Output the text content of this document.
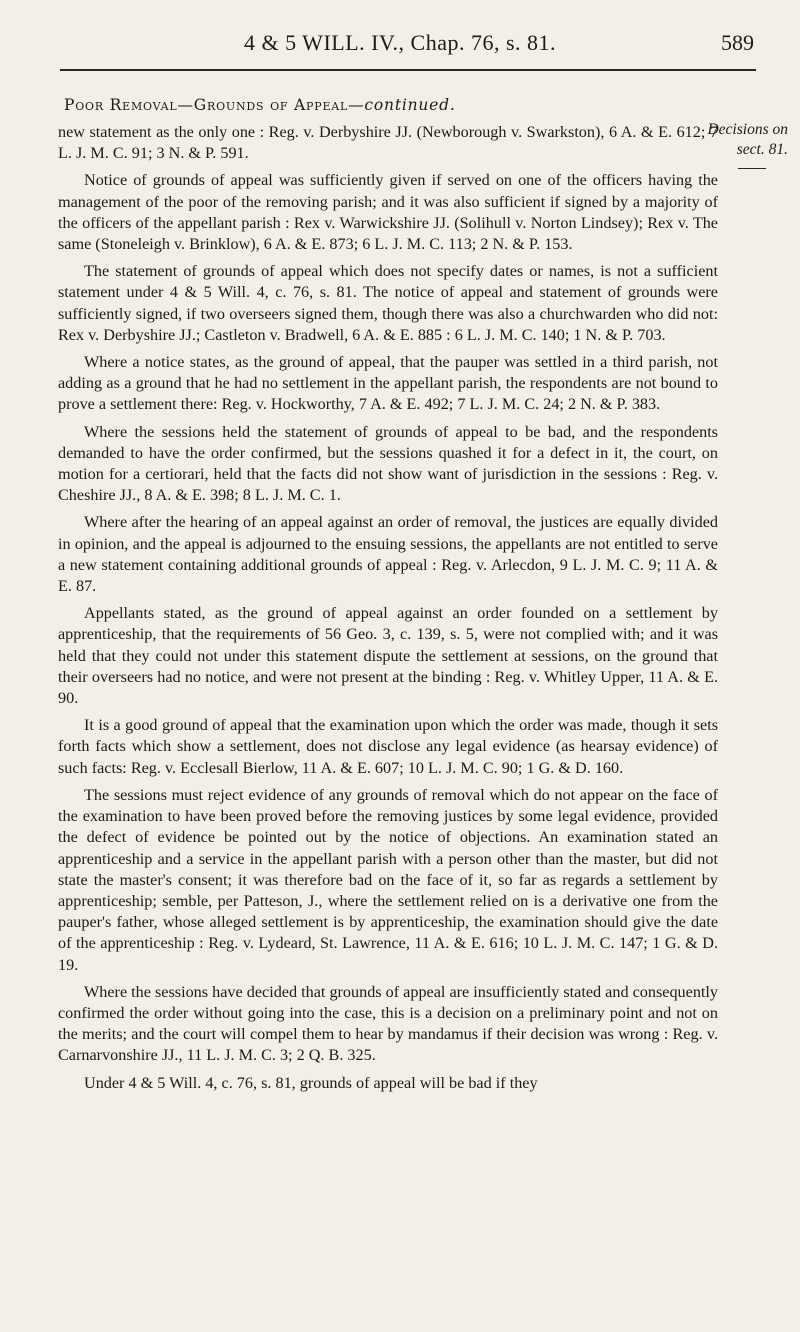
4 & 5 WILL. IV., Chap. 76, s. 81.	589
Poor Removal—Grounds of Appeal—continued.
Decisions on
sect. 81.

new statement as the only one : Reg. v. Derbyshire JJ. (Newborough v. Swarkston), 6 A. & E. 612; 7 L. J. M. C. 91; 3 N. & P. 591.

Notice of grounds of appeal was sufficiently given if served on one of the officers having the management of the poor of the removing parish; and it was also sufficient if signed by a majority of the officers of the appellant parish : Rex v. Warwickshire JJ. (Solihull v. Norton Lindsey); Rex v. The same (Stoneleigh v. Brinklow), 6 A. & E. 873; 6 L. J. M. C. 113; 2 N. & P. 153.

The statement of grounds of appeal which does not specify dates or names, is not a sufficient statement under 4 & 5 Will. 4, c. 76, s. 81. The notice of appeal and statement of grounds were sufficiently signed, if two overseers signed them, though there was also a churchwarden who did not: Rex v. Derbyshire JJ.; Castleton v. Bradwell, 6 A. & E. 885 : 6 L. J. M. C. 140; 1 N. & P. 703.

Where a notice states, as the ground of appeal, that the pauper was settled in a third parish, not adding as a ground that he had no settlement in the appellant parish, the respondents are not bound to prove a settlement there: Reg. v. Hockworthy, 7 A. & E. 492; 7 L. J. M. C. 24; 2 N. & P. 383.

Where the sessions held the statement of grounds of appeal to be bad, and the respondents demanded to have the order confirmed, but the sessions quashed it for a defect in it, the court, on motion for a certiorari, held that the facts did not show want of jurisdiction in the sessions : Reg. v. Cheshire JJ., 8 A. & E. 398; 8 L. J. M. C. 1.

Where after the hearing of an appeal against an order of removal, the justices are equally divided in opinion, and the appeal is adjourned to the ensuing sessions, the appellants are not entitled to serve a new statement containing additional grounds of appeal : Reg. v. Arlecdon, 9 L. J. M. C. 9; 11 A. & E. 87.

Appellants stated, as the ground of appeal against an order founded on a settlement by apprenticeship, that the requirements of 56 Geo. 3, c. 139, s. 5, were not complied with; and it was held that they could not under this statement dispute the settlement at sessions, on the ground that their overseers had no notice, and were not present at the binding : Reg. v. Whitley Upper, 11 A. & E. 90.

It is a good ground of appeal that the examination upon which the order was made, though it sets forth facts which show a settlement, does not disclose any legal evidence (as hearsay evidence) of such facts: Reg. v. Ecclesall Bierlow, 11 A. & E. 607; 10 L. J. M. C. 90; 1 G. & D. 160.

The sessions must reject evidence of any grounds of removal which do not appear on the face of the examination to have been proved before the removing justices by some legal evidence, provided the defect of evidence be pointed out by the notice of objections. An examination stated an apprenticeship and a service in the appellant parish with a person other than the master, but did not state the master's consent; it was therefore bad on the face of it, so far as regards a settlement by apprenticeship; semble, per Patteson, J., where the settlement relied on is a derivative one from the pauper's father, whose alleged settlement is by apprenticeship, the examination should give the date of the apprenticeship : Reg. v. Lydeard, St. Lawrence, 11 A. & E. 616; 10 L. J. M. C. 147; 1 G. & D. 19.

Where the sessions have decided that grounds of appeal are insufficiently stated and consequently confirmed the order without going into the case, this is a decision on a preliminary point and not on the merits; and the court will compel them to hear by mandamus if their decision was wrong : Reg. v. Carnarvonshire JJ., 11 L. J. M. C. 3; 2 Q. B. 325.

Under 4 & 5 Will. 4, c. 76, s. 81, grounds of appeal will be bad if they
